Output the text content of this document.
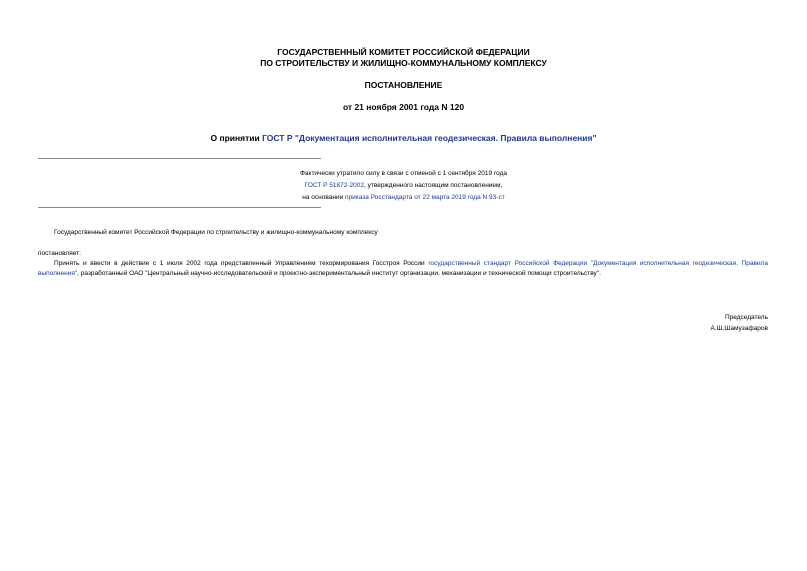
ГОСУДАРСТВЕННЫЙ КОМИТЕТ РОССИЙСКОЙ ФЕДЕРАЦИИ
ПО СТРОИТЕЛЬСТВУ И ЖИЛИЩНО-КОММУНАЛЬНОМУ КОМПЛЕКСУ
ПОСТАНОВЛЕНИЕ
от 21 ноября 2001 года N 120
О принятии ГОСТ Р "Документация исполнительная геодезическая. Правила выполнения"
Фактически утратило силу в связи с отменой с 1 сентября 2019 года
ГОСТ Р 51872-2002, утвержденного настоящим постановлением,
на основании приказа Росстандарта от 22 марта 2019 года N 93-ст
Государственный комитет Российской Федерации по строительству и жилищно-коммунальному комплексу
постановляет:
Принять и ввести в действие с 1 июля 2002 года представленный Управлением техормирования Госстроя России государственный стандарт Российской Федерации "Документация исполнительная геодезическая. Правила выполнения", разработанный ОАО "Центральный научно-исследовательский и проектно-экспериментальный институт организации, механизации и технической помощи строительству".
Председатель
А.Ш.Шамузафаров
